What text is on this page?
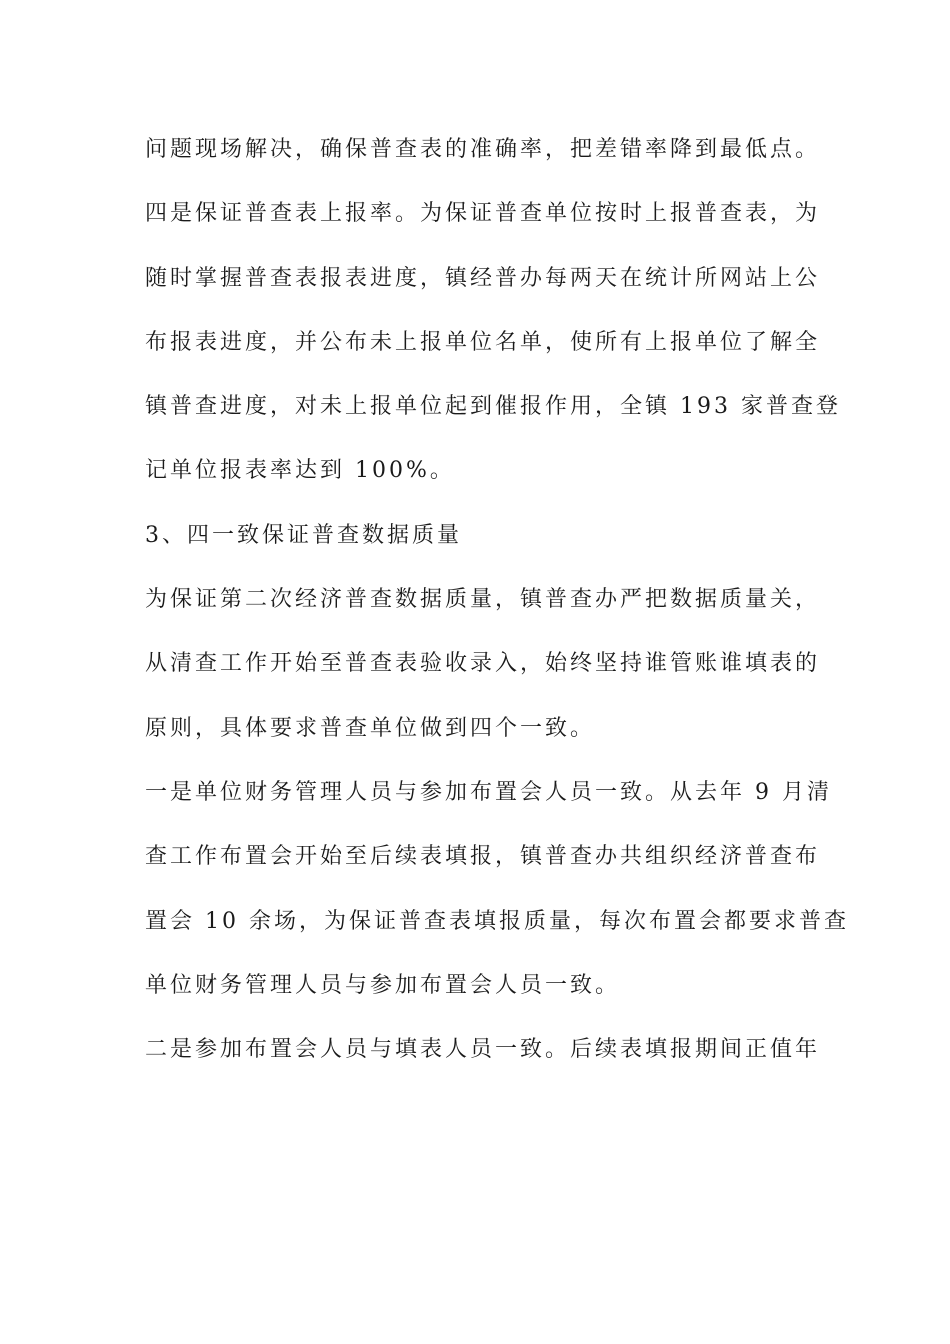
问题现场解决，确保普查表的准确率，把差错率降到最低点。
四是保证普查表上报率。为保证普查单位按时上报普查表，为
随时掌握普查表报表进度，镇经普办每两天在统计所网站上公
布报表进度，并公布未上报单位名单，使所有上报单位了解全
镇普查进度，对未上报单位起到催报作用，全镇 193 家普查登
记单位报表率达到 100%。
3、四一致保证普查数据质量
为保证第二次经济普查数据质量，镇普查办严把数据质量关，
从清查工作开始至普查表验收录入，始终坚持谁管账谁填表的
原则，具体要求普查单位做到四个一致。
一是单位财务管理人员与参加布置会人员一致。从去年 9 月清
查工作布置会开始至后续表填报，镇普查办共组织经济普查布
置会 10 余场，为保证普查表填报质量，每次布置会都要求普查
单位财务管理人员与参加布置会人员一致。
二是参加布置会人员与填表人员一致。后续表填报期间正值年
